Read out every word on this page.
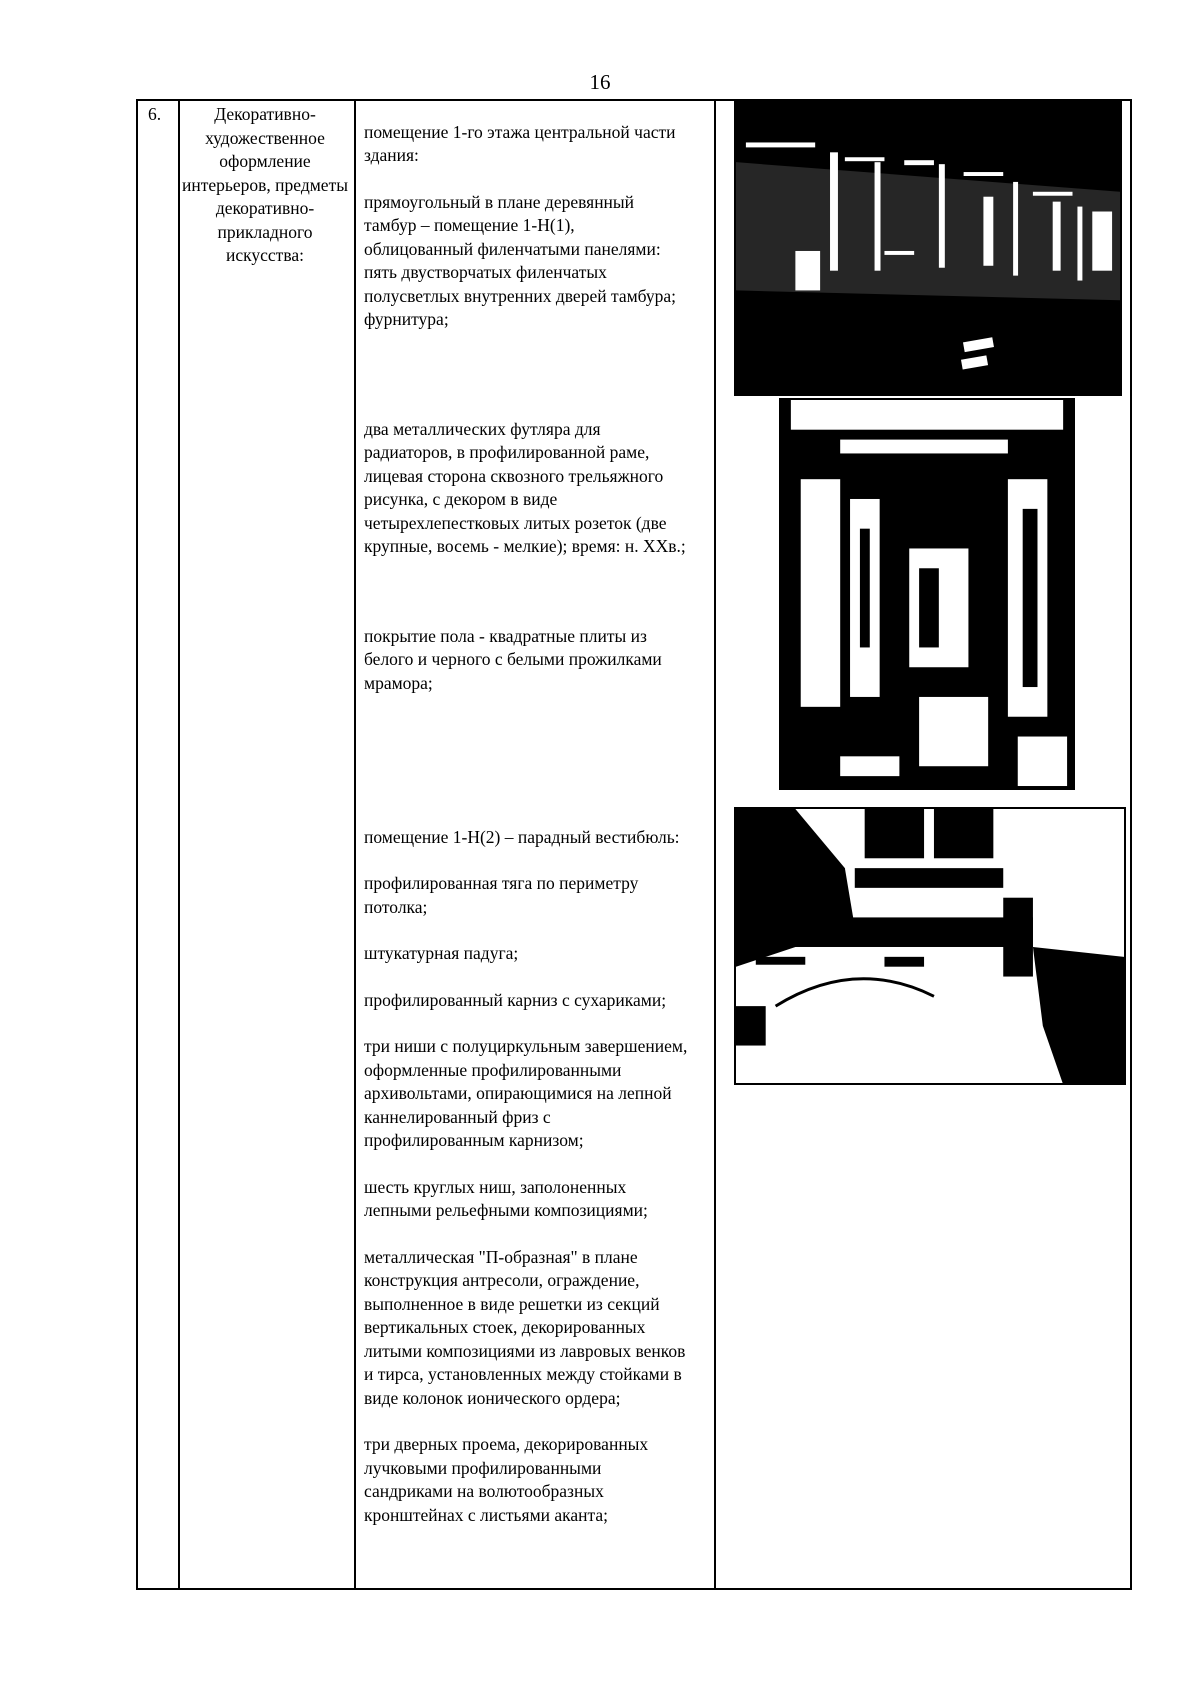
16
6.	Декоративно-художественное оформление интерьеров, предметы декоративно-прикладного искусства:

помещение 1-го этажа центральной части здания:

прямоугольный в плане деревянный тамбур – помещение 1-Н(1), облицованный филенчатыми панелями: пять двустворчатых филенчатых полусветлых внутренних дверей тамбура; фурнитура;

два металлических футляра для радиаторов, в профилированной раме, лицевая сторона сквозного трельяжного рисунка, с декором в виде четырехлепестковых литых розеток (две крупные, восемь - мелкие); время: н. XXв.;

покрытие пола - квадратные плиты из белого и черного с белыми прожилками мрамора;

помещение 1-Н(2) – парадный вестибюль:

профилированная тяга по периметру потолка;

штукатурная падуга;

профилированный карниз с сухариками;

три ниши с полуциркульным завершением, оформленные профилированными архивольтами, опирающимися на лепной каннелированный фриз с профилированным карнизом;

шесть круглых ниш, заполоненных лепными рельефными композициями;

металлическая "П-образная" в плане конструкция антресоли, ограждение, выполненное в виде решетки из секций вертикальных стоек, декорированных литыми композициями из лавровых венков и тирса, установленных между стойками в виде колонок ионического ордера;

три дверных проема, декорированных лучковыми профилированными сандриками на волютообразных кронштейнах с листьями аканта;
